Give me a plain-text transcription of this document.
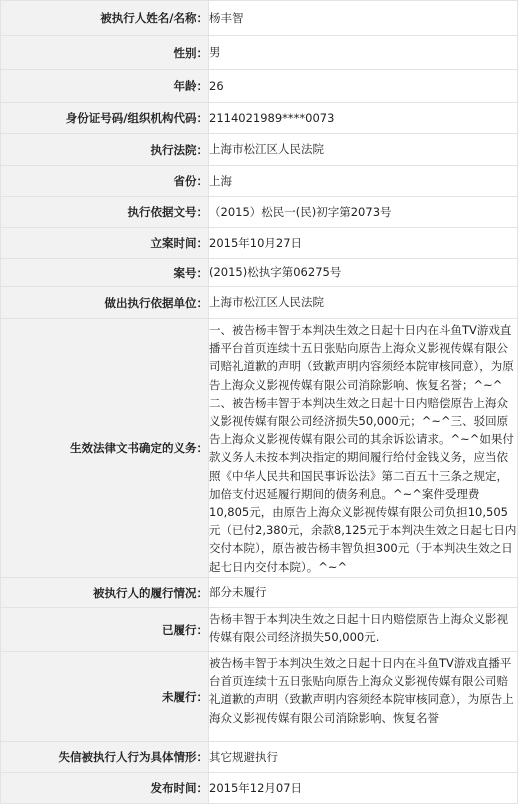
被执行人姓名/名称：	杨丰智
性别：	男
年龄：	26
身份证号码/组织机构代码：	2114021989****0073
执行法院：	上海市松江区人民法院
省份：	上海
执行依据文号：	（2015）松民一(民)初字第2073号
立案时间：	2015年10月27日
案号：	(2015)松执字第06275号
做出执行依据单位：	上海市松江区人民法院
生效法律文书确定的义务：	一、被告杨丰智于本判决生效之日起十日内在斗鱼TV游戏直播平台首页连续十五日张贴向原告上海众义影视传媒有限公司赔礼道歉的声明（致歉声明内容须经本院审核同意），为原告上海众义影视传媒有限公司消除影响、恢复名誉；^~^二、被告杨丰智于本判决生效之日起十日内赔偿原告上海众义影视传媒有限公司经济损失50,000元；^~^三、驳回原告上海众义影视传媒有限公司的其余诉讼请求。^~^如果付款义务人未按本判决指定的期间履行给付金钱义务，应当依照《中华人民共和国民事诉讼法》第二百五十三条之规定，加倍支付迟延履行期间的债务利息。^~^案件受理费10,805元，由原告上海众义影视传媒有限公司负担10,505元（已付2,380元，余款8,125元于本判决生效之日起七日内交付本院），原告被告杨丰智负担300元（于本判决生效之日起七日内交付本院）。^~^
被执行人的履行情况：	部分未履行
已履行：	告杨丰智于本判决生效之日起十日内赔偿原告上海众义影视传媒有限公司经济损失50,000元.
未履行：	被告杨丰智于本判决生效之日起十日内在斗鱼TV游戏直播平台首页连续十五日张贴向原告上海众义影视传媒有限公司赔礼道歉的声明（致歉声明内容须经本院审核同意），为原告上海众义影视传媒有限公司消除影响、恢复名誉
失信被执行人行为具体情形：	其它规避执行
发布时间：	2015年12月07日
